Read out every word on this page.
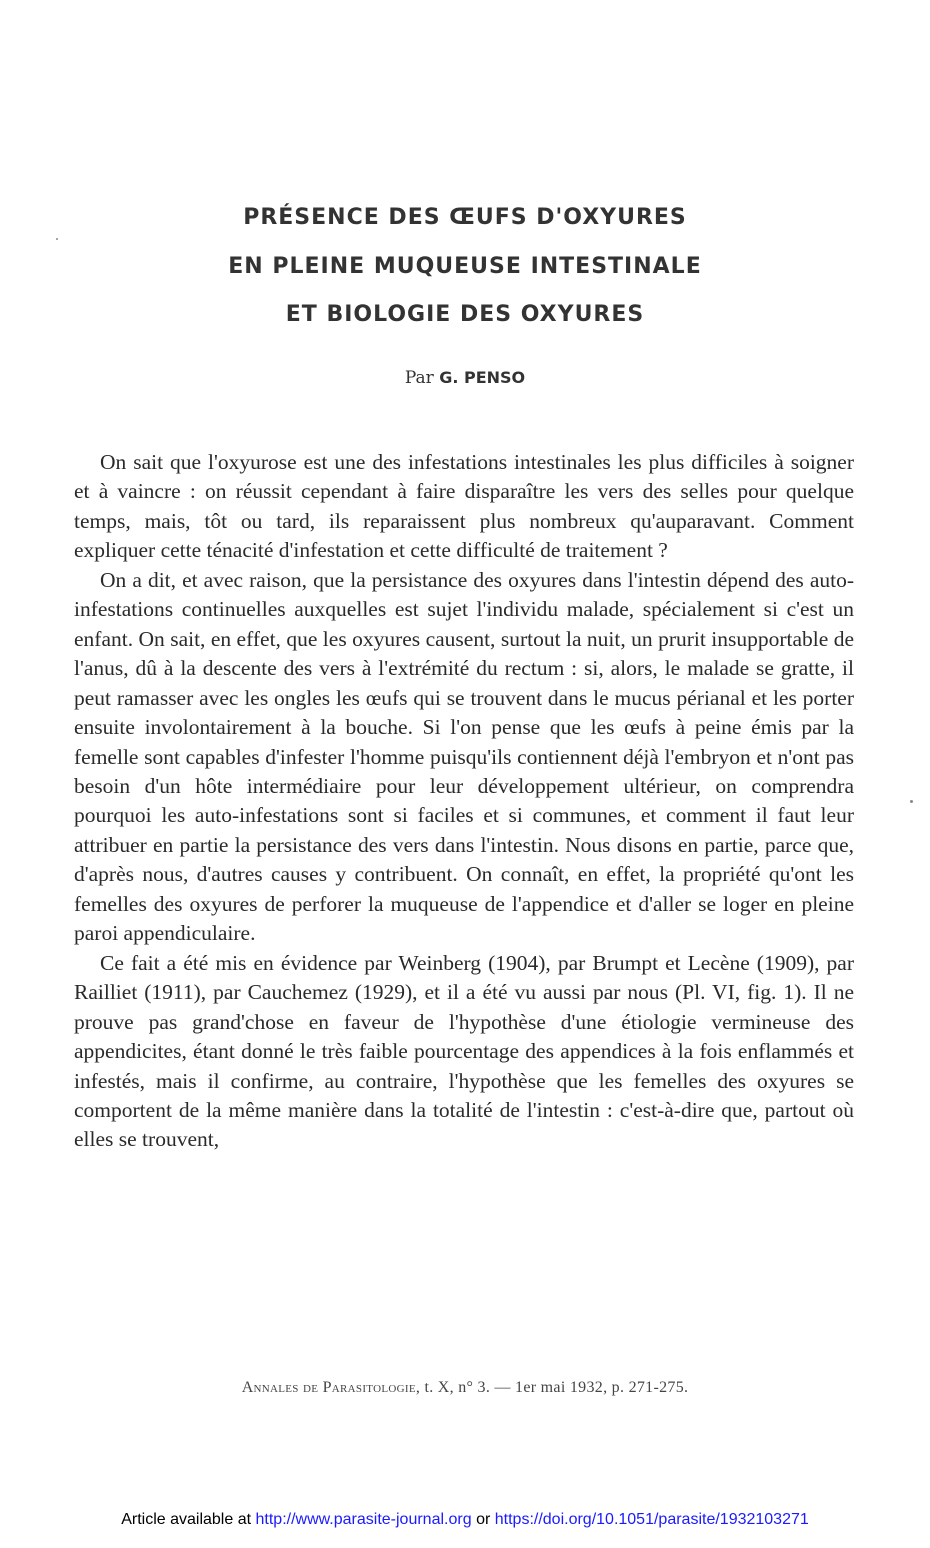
PRÉSENCE DES ŒUFS D'OXYURES
EN PLEINE MUQUEUSE INTESTINALE
ET BIOLOGIE DES OXYURES
Par G. PENSO

On sait que l'oxyurose est une des infestations intestinales les plus difficiles à soigner et à vaincre : on réussit cependant à faire disparaître les vers des selles pour quelque temps, mais, tôt ou tard, ils reparaissent plus nombreux qu'auparavant. Comment expliquer cette ténacité d'infestation et cette difficulté de traitement ?

On a dit, et avec raison, que la persistance des oxyures dans l'intestin dépend des auto-infestations continuelles auxquelles est sujet l'individu malade, spécialement si c'est un enfant. On sait, en effet, que les oxyures causent, surtout la nuit, un prurit insupportable de l'anus, dû à la descente des vers à l'extrémité du rectum : si, alors, le malade se gratte, il peut ramasser avec les ongles les œufs qui se trouvent dans le mucus périanal et les porter ensuite involontairement à la bouche. Si l'on pense que les œufs à peine émis par la femelle sont capables d'infester l'homme puisqu'ils contiennent déjà l'embryon et n'ont pas besoin d'un hôte intermédiaire pour leur développement ultérieur, on comprendra pourquoi les auto-infestations sont si faciles et si communes, et comment il faut leur attribuer en partie la persistance des vers dans l'intestin. Nous disons en partie, parce que, d'après nous, d'autres causes y contribuent. On connaît, en effet, la propriété qu'ont les femelles des oxyures de perforer la muqueuse de l'appendice et d'aller se loger en pleine paroi appendiculaire.

Ce fait a été mis en évidence par Weinberg (1904), par Brumpt et Lecène (1909), par Railliet (1911), par Cauchemez (1929), et il a été vu aussi par nous (Pl. VI, fig. 1). Il ne prouve pas grand'chose en faveur de l'hypothèse d'une étiologie vermineuse des appendicites, étant donné le très faible pourcentage des appendices à la fois enflammés et infestés, mais il confirme, au contraire, l'hypothèse que les femelles des oxyures se comportent de la même manière dans la totalité de l'intestin : c'est-à-dire que, partout où elles se trouvent,

Annales de Parasitologie, t. X, n° 3. — 1er mai 1932, p. 271-275.
Article available at http://www.parasite-journal.org or https://doi.org/10.1051/parasite/1932103271
